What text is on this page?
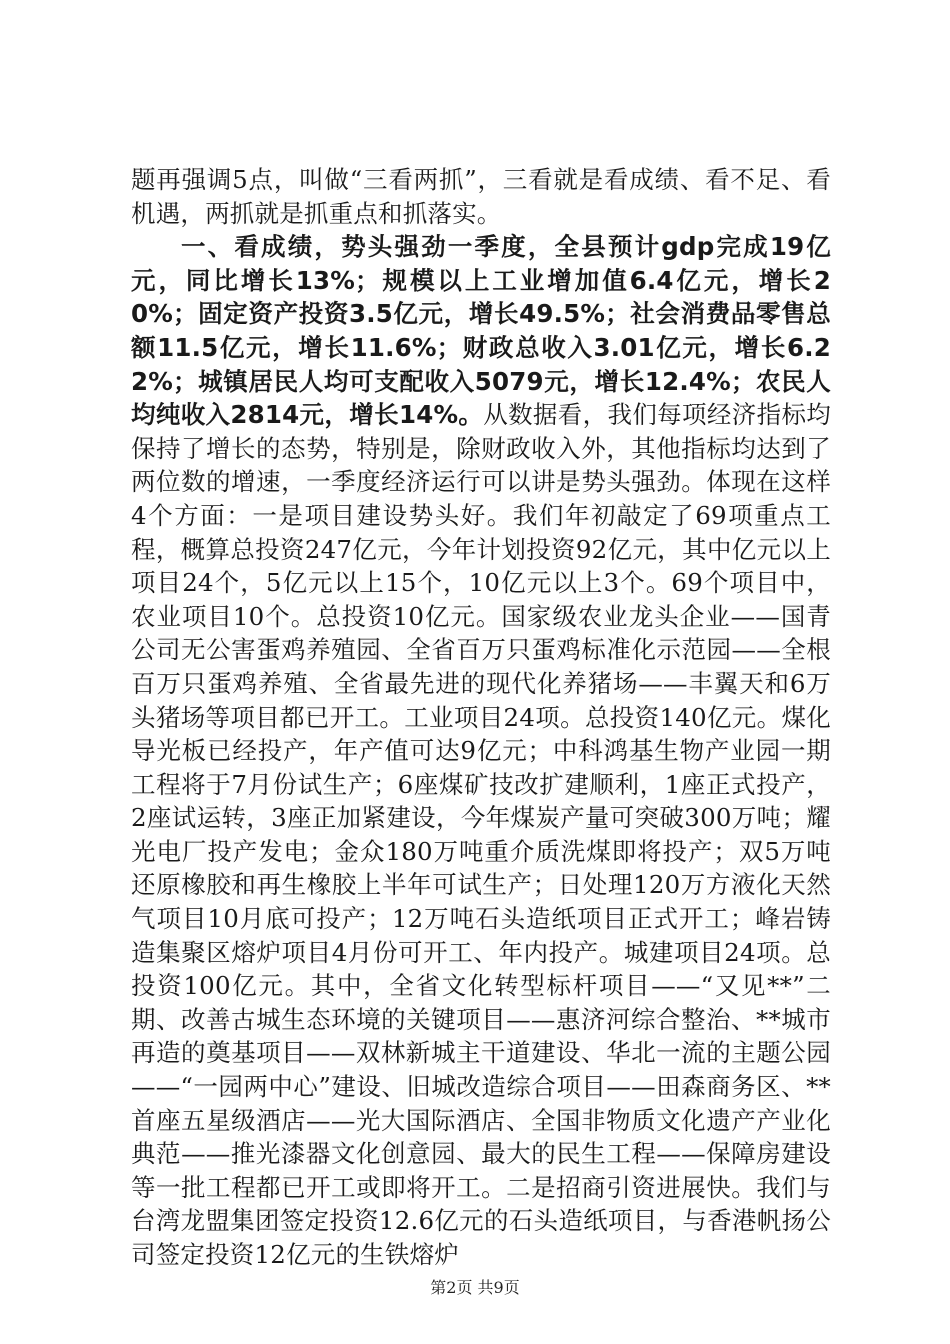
题再强调5点，叫做“三看两抓”，三看就是看成绩、看不足、看机遇，两抓就是抓重点和抓落实。

一、看成绩，势头强劲一季度，全县预计gdp完成19亿元，同比增长13%；规模以上工业增加值6.4亿元，增长20%；固定资产投资3.5亿元，增长49.5%；社会消费品零售总额11.5亿元，增长11.6%；财政总收入3.01亿元，增长6.22%；城镇居民人均可支配收入5079元，增长12.4%；农民人均纯收入2814元，增长14%。从数据看，我们每项经济指标均保持了增长的态势，特别是，除财政收入外，其他指标均达到了两位数的增速，一季度经济运行可以讲是势头强劲。体现在这样4个方面：一是项目建设势头好。我们年初敲定了69项重点工程，概算总投资247亿元，今年计划投资92亿元，其中亿元以上项目24个，5亿元以上15个，10亿元以上3个。69个项目中，农业项目10个。总投资10亿元。国家级农业龙头企业——国青公司无公害蛋鸡养殖园、全省百万只蛋鸡标准化示范园——全根百万只蛋鸡养殖、全省最先进的现代化养猪场——丰翼天和6万头猪场等项目都已开工。工业项目24项。总投资140亿元。煤化导光板已经投产，年产值可达9亿元；中科鸿基生物产业园一期工程将于7月份试生产；6座煤矿技改扩建顺利，1座正式投产，2座试运转，3座正加紧建设，今年煤炭产量可突破300万吨；耀光电厂投产发电；金众180万吨重介质洗煤即将投产；双5万吨还原橡胶和再生橡胶上半年可试生产；日处理120万方液化天然气项目10月底可投产；12万吨石头造纸项目正式开工；峰岩铸造集聚区熔炉项目4月份可开工、年内投产。城建项目24项。总投资100亿元。其中，全省文化转型标杆项目——“又见**”二期、改善古城生态环境的关键项目——惠济河综合整治、**城市再造的奠基项目——双林新城主干道建设、华北一流的主题公园——“一园两中心”建设、旧城改造综合项目——田森商务区、**首座五星级酒店——光大国际酒店、全国非物质文化遗产产业化典范——推光漆器文化创意园、最大的民生工程——保障房建设等一批工程都已开工或即将开工。二是招商引资进展快。我们与台湾龙盟集团签定投资12.6亿元的石头造纸项目，与香港帆扬公司签定投资12亿元的生铁熔炉

第2页 共9页
